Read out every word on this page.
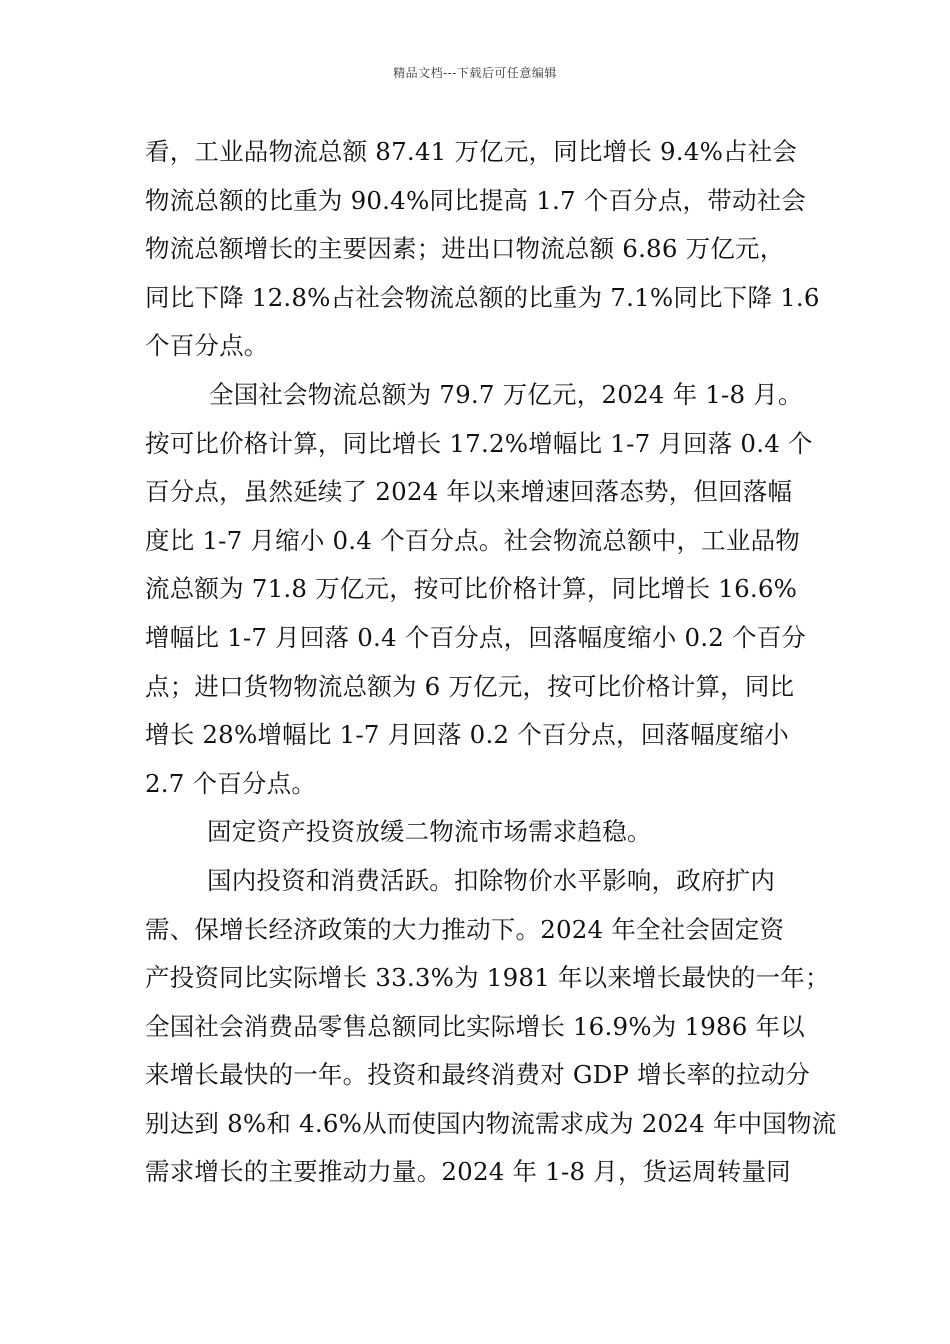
精品文档---下载后可任意编辑
看，工业品物流总额 87.41 万亿元，同比增长 9.4%占社会
物流总额的比重为 90.4%同比提高 1.7 个百分点，带动社会
物流总额增长的主要因素；进出口物流总额 6.86 万亿元，
同比下降 12.8%占社会物流总额的比重为 7.1%同比下降 1.6
个百分点。
全国社会物流总额为 79.7 万亿元，2024 年 1-8 月。
按可比价格计算，同比增长 17.2%增幅比 1-7 月回落 0.4 个
百分点，虽然延续了 2024 年以来增速回落态势，但回落幅
度比 1-7 月缩小 0.4 个百分点。社会物流总额中，工业品物
流总额为 71.8 万亿元，按可比价格计算，同比增长 16.6%
增幅比 1-7 月回落 0.4 个百分点，回落幅度缩小 0.2 个百分
点；进口货物物流总额为 6 万亿元，按可比价格计算，同比
增长 28%增幅比 1-7 月回落 0.2 个百分点，回落幅度缩小
2.7 个百分点。
固定资产投资放缓二物流市场需求趋稳。
国内投资和消费活跃。扣除物价水平影响，政府扩内
需、保增长经济政策的大力推动下。2024 年全社会固定资
产投资同比实际增长 33.3%为 1981 年以来增长最快的一年；
全国社会消费品零售总额同比实际增长 16.9%为 1986 年以
来增长最快的一年。投资和最终消费对 GDP 增长率的拉动分
别达到 8%和 4.6%从而使国内物流需求成为 2024 年中国物流
需求增长的主要推动力量。2024 年 1-8 月，货运周转量同
